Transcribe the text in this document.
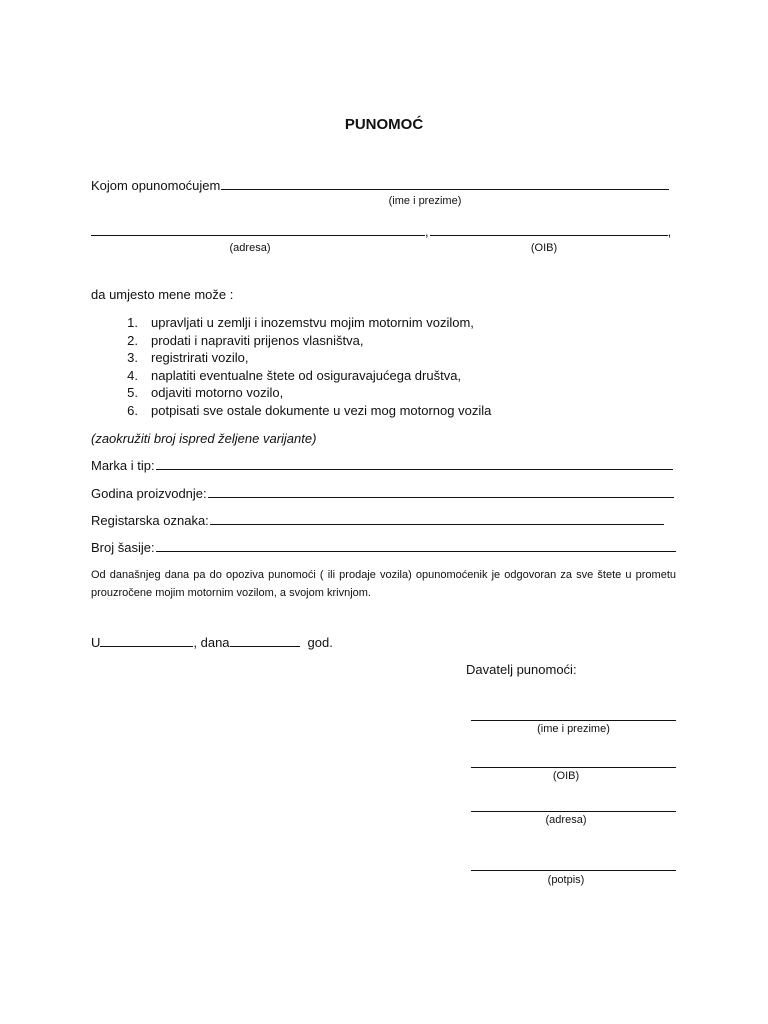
PUNOMOĆ
Kojom opunomoćujem
(ime i prezime)
,	,
(adresa)	(OIB)
da umjesto mene može :
1. upravljati u zemlji i inozemstvu mojim motornim vozilom,
2. prodati i napraviti prijenos vlasništva,
3. registrirati vozilo,
4. naplatiti eventualne štete od osiguravajućega društva,
5. odjaviti motorno vozilo,
6. potpisati sve ostale dokumente u vezi mog motornog vozila
(zaokružiti broj ispred željene varijante)
Marka i tip:
Godina proizvodnje:
Registarska oznaka:
Broj šasije:
Od današnjeg dana pa do opoziva punomoći ( ili prodaje vozila) opunomoćenik je odgovoran za sve štete u prometu prouzročene mojim motornim vozilom, a svojom krivnjom.
U	, dana	god.
Davatelj punomoći:
(ime i prezime)
(OIB)
(adresa)
(potpis)
